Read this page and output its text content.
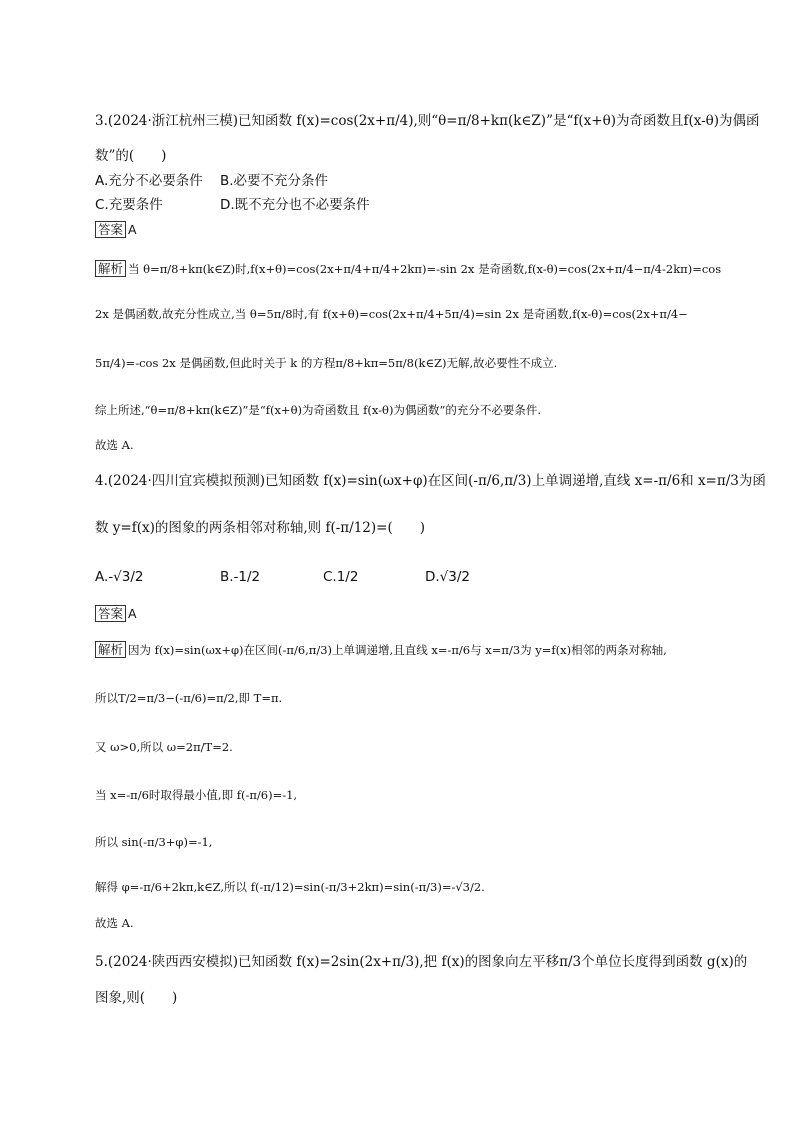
3.(2024·浙江杭州三模)已知函数 f(x)=cos(2x+π/4),则“θ=π/8+kπ(k∈Z)”是“f(x+θ)为奇函数且f(x-θ)为偶函
数”的(　　)
A.充分不必要条件 B.必要不充分条件
C.充要条件	D.既不充分也不必要条件
答案 A
解析 当 θ=π/8+kπ(k∈Z)时,f(x+θ)=cos(2x+π/4+π/4+2kπ)=-sin 2x 是奇函数,f(x-θ)=cos(2x+π/4−π/4-2kπ)=cos
2x 是偶函数,故充分性成立,当 θ=5π/8时,有 f(x+θ)=cos(2x+π/4+5π/4)=sin 2x 是奇函数,f(x-θ)=cos(2x+π/4−
5π/4)=-cos 2x 是偶函数,但此时关于 k 的方程π/8+kπ=5π/8(k∈Z)无解,故必要性不成立.
综上所述,“θ=π/8+kπ(k∈Z)”是“f(x+θ)为奇函数且 f(x-θ)为偶函数”的充分不必要条件.
故选 A.
4.(2024·四川宜宾模拟预测)已知函数 f(x)=sin(ωx+φ)在区间(-π/6,π/3)上单调递增,直线 x=-π/6和 x=π/3为函
数 y=f(x)的图象的两条相邻对称轴,则 f(-π/12)=(　　)
A.-√3/2	B.-1/2	C.1/2	D.√3/2
答案 A
解析 因为 f(x)=sin(ωx+φ)在区间(-π/6,π/3)上单调递增,且直线 x=-π/6与 x=π/3为 y=f(x)相邻的两条对称轴,
所以T/2=π/3−(-π/6)=π/2,即 T=π.
又 ω>0,所以 ω=2π/T=2.
当 x=-π/6时取得最小值,即 f(-π/6)=-1,
所以 sin(-π/3+φ)=-1,
解得 φ=-π/6+2kπ,k∈Z,所以 f(-π/12)=sin(-π/3+2kπ)=sin(-π/3)=-√3/2.
故选 A.
5.(2024·陕西西安模拟)已知函数 f(x)=2sin(2x+π/3),把 f(x)的图象向左平移π/3个单位长度得到函数 g(x)的
图象,则(　　)
